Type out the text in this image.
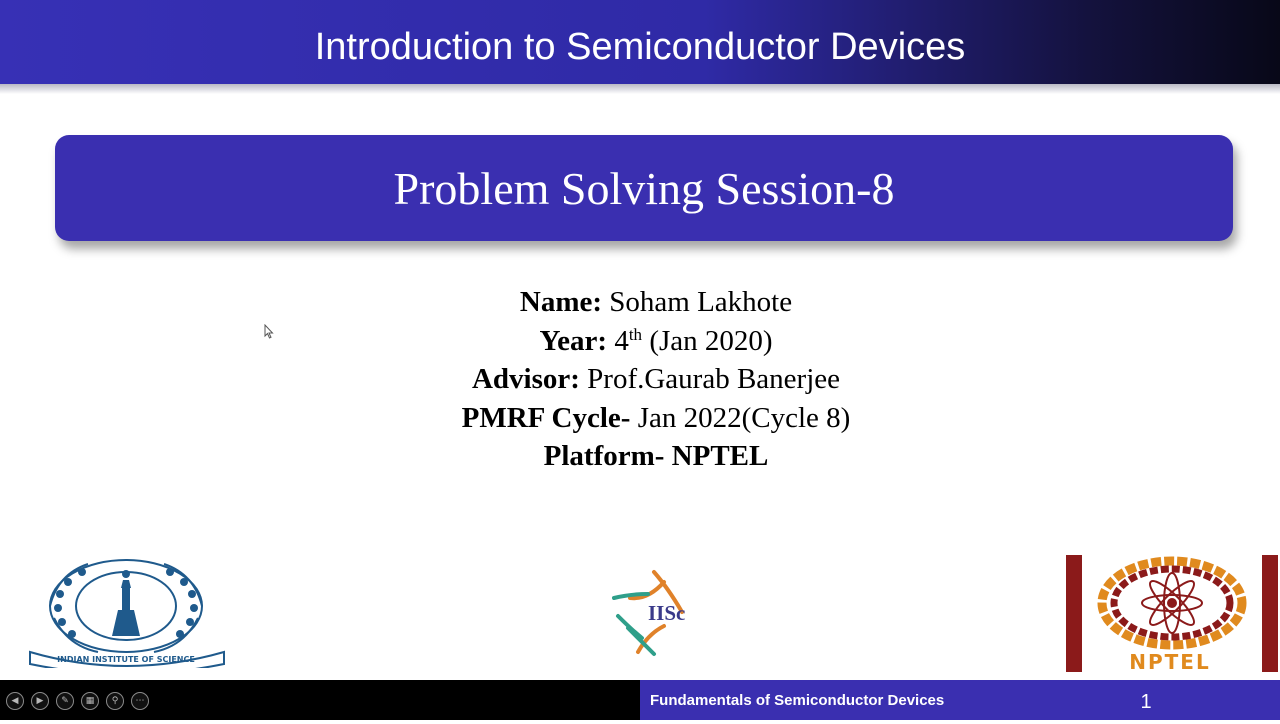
Introduction to Semiconductor Devices
Problem Solving Session-8
Name: Soham Lakhote
Year: 4th (Jan 2020)
Advisor: Prof.Gaurab Banerjee
PMRF Cycle- Jan 2022(Cycle 8)
Platform- NPTEL
INDIAN INSTITUTE OF SCIENCE
IISc
NPTEL
◀	▶	✎	▦	⚲	⋯	Fundamentals of Semiconductor Devices	1
